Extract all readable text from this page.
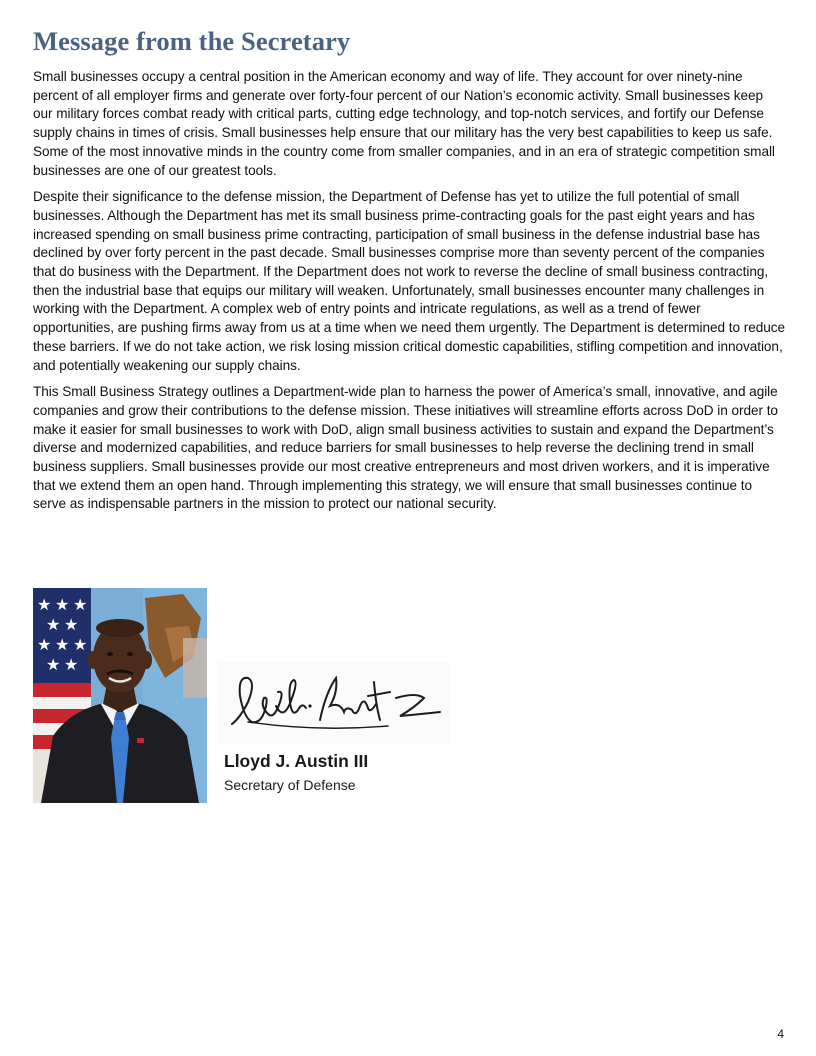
Message from the Secretary

Small businesses occupy a central position in the American economy and way of life. They account for over ninety-nine percent of all employer firms and generate over forty-four percent of our Nation’s economic activity. Small businesses keep our military forces combat ready with critical parts, cutting edge technology, and top-notch services, and fortify our Defense supply chains in times of crisis. Small businesses help ensure that our military has the very best capabilities to keep us safe. Some of the most innovative minds in the country come from smaller companies, and in an era of strategic competition small businesses are one of our greatest tools.

Despite their significance to the defense mission, the Department of Defense has yet to utilize the full potential of small businesses. Although the Department has met its small business prime-contracting goals for the past eight years and has increased spending on small business prime contracting, participation of small business in the defense industrial base has declined by over forty percent in the past decade. Small businesses comprise more than seventy percent of the companies that do business with the Department. If the Department does not work to reverse the decline of small business contracting, then the industrial base that equips our military will weaken. Unfortunately, small businesses encounter many challenges in working with the Department. A complex web of entry points and intricate regulations, as well as a trend of fewer opportunities, are pushing firms away from us at a time when we need them urgently. The Department is determined to reduce these barriers. If we do not take action, we risk losing mission critical domestic capabilities, stifling competition and innovation, and potentially weakening our supply chains.

This Small Business Strategy outlines a Department-wide plan to harness the power of America’s small, innovative, and agile companies and grow their contributions to the defense mission. These initiatives will streamline efforts across DoD in order to make it easier for small businesses to work with DoD, align small business activities to sustain and expand the Department’s diverse and modernized capabilities, and reduce barriers for small businesses to help reverse the declining trend in small business suppliers. Small businesses provide our most creative entrepreneurs and most driven workers, and it is imperative that we extend them an open hand. Through implementing this strategy, we will ensure that small businesses continue to serve as indispensable partners in the mission to protect our national security.

★ ★ ★
★ ★
★ ★ ★
★ ★

Lloyd J. Austin III

Secretary of Defense

4
